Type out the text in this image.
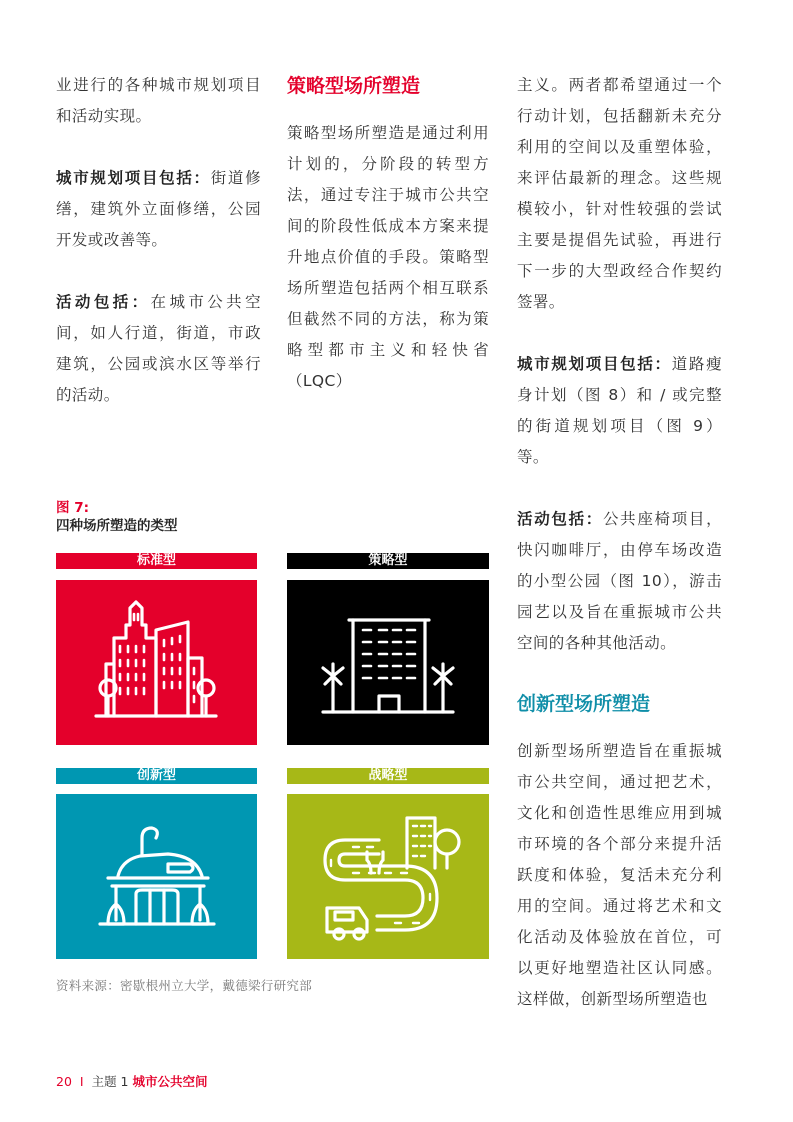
业进行的各种城市规划项目和活动实现。

城市规划项目包括：街道修缮，建筑外立面修缮，公园开发或改善等。

活动包括：在城市公共空间，如人行道，街道，市政建筑，公园或滨水区等举行的活动。

策略型场所塑造

策略型场所塑造是通过利用计划的，分阶段的转型方法，通过专注于城市公共空间的阶段性低成本方案来提升地点价值的手段。策略型场所塑造包括两个相互联系但截然不同的方法，称为策略型都市主义和轻快省（LQC）

主义。两者都希望通过一个行动计划，包括翻新未充分利用的空间以及重塑体验，来评估最新的理念。这些规模较小，针对性较强的尝试主要是提倡先试验，再进行下一步的大型政经合作契约签署。

城市规划项目包括：道路瘦身计划（图 8）和 / 或完整的街道规划项目（图 9）等。

活动包括：公共座椅项目，快闪咖啡厅，由停车场改造的小型公园（图 10），游击园艺以及旨在重振城市公共空间的各种其他活动。

创新型场所塑造

创新型场所塑造旨在重振城市公共空间，通过把艺术，文化和创造性思维应用到城市环境的各个部分来提升活跃度和体验，复活未充分利用的空间。通过将艺术和文化活动及体验放在首位，可以更好地塑造社区认同感。这样做，创新型场所塑造也

图 7:
四种场所塑造的类型
标准型	策略型
创新型	战略型
资料来源：密歇根州立大学，戴德梁行研究部
20 I 主题 1 城市公共空间
